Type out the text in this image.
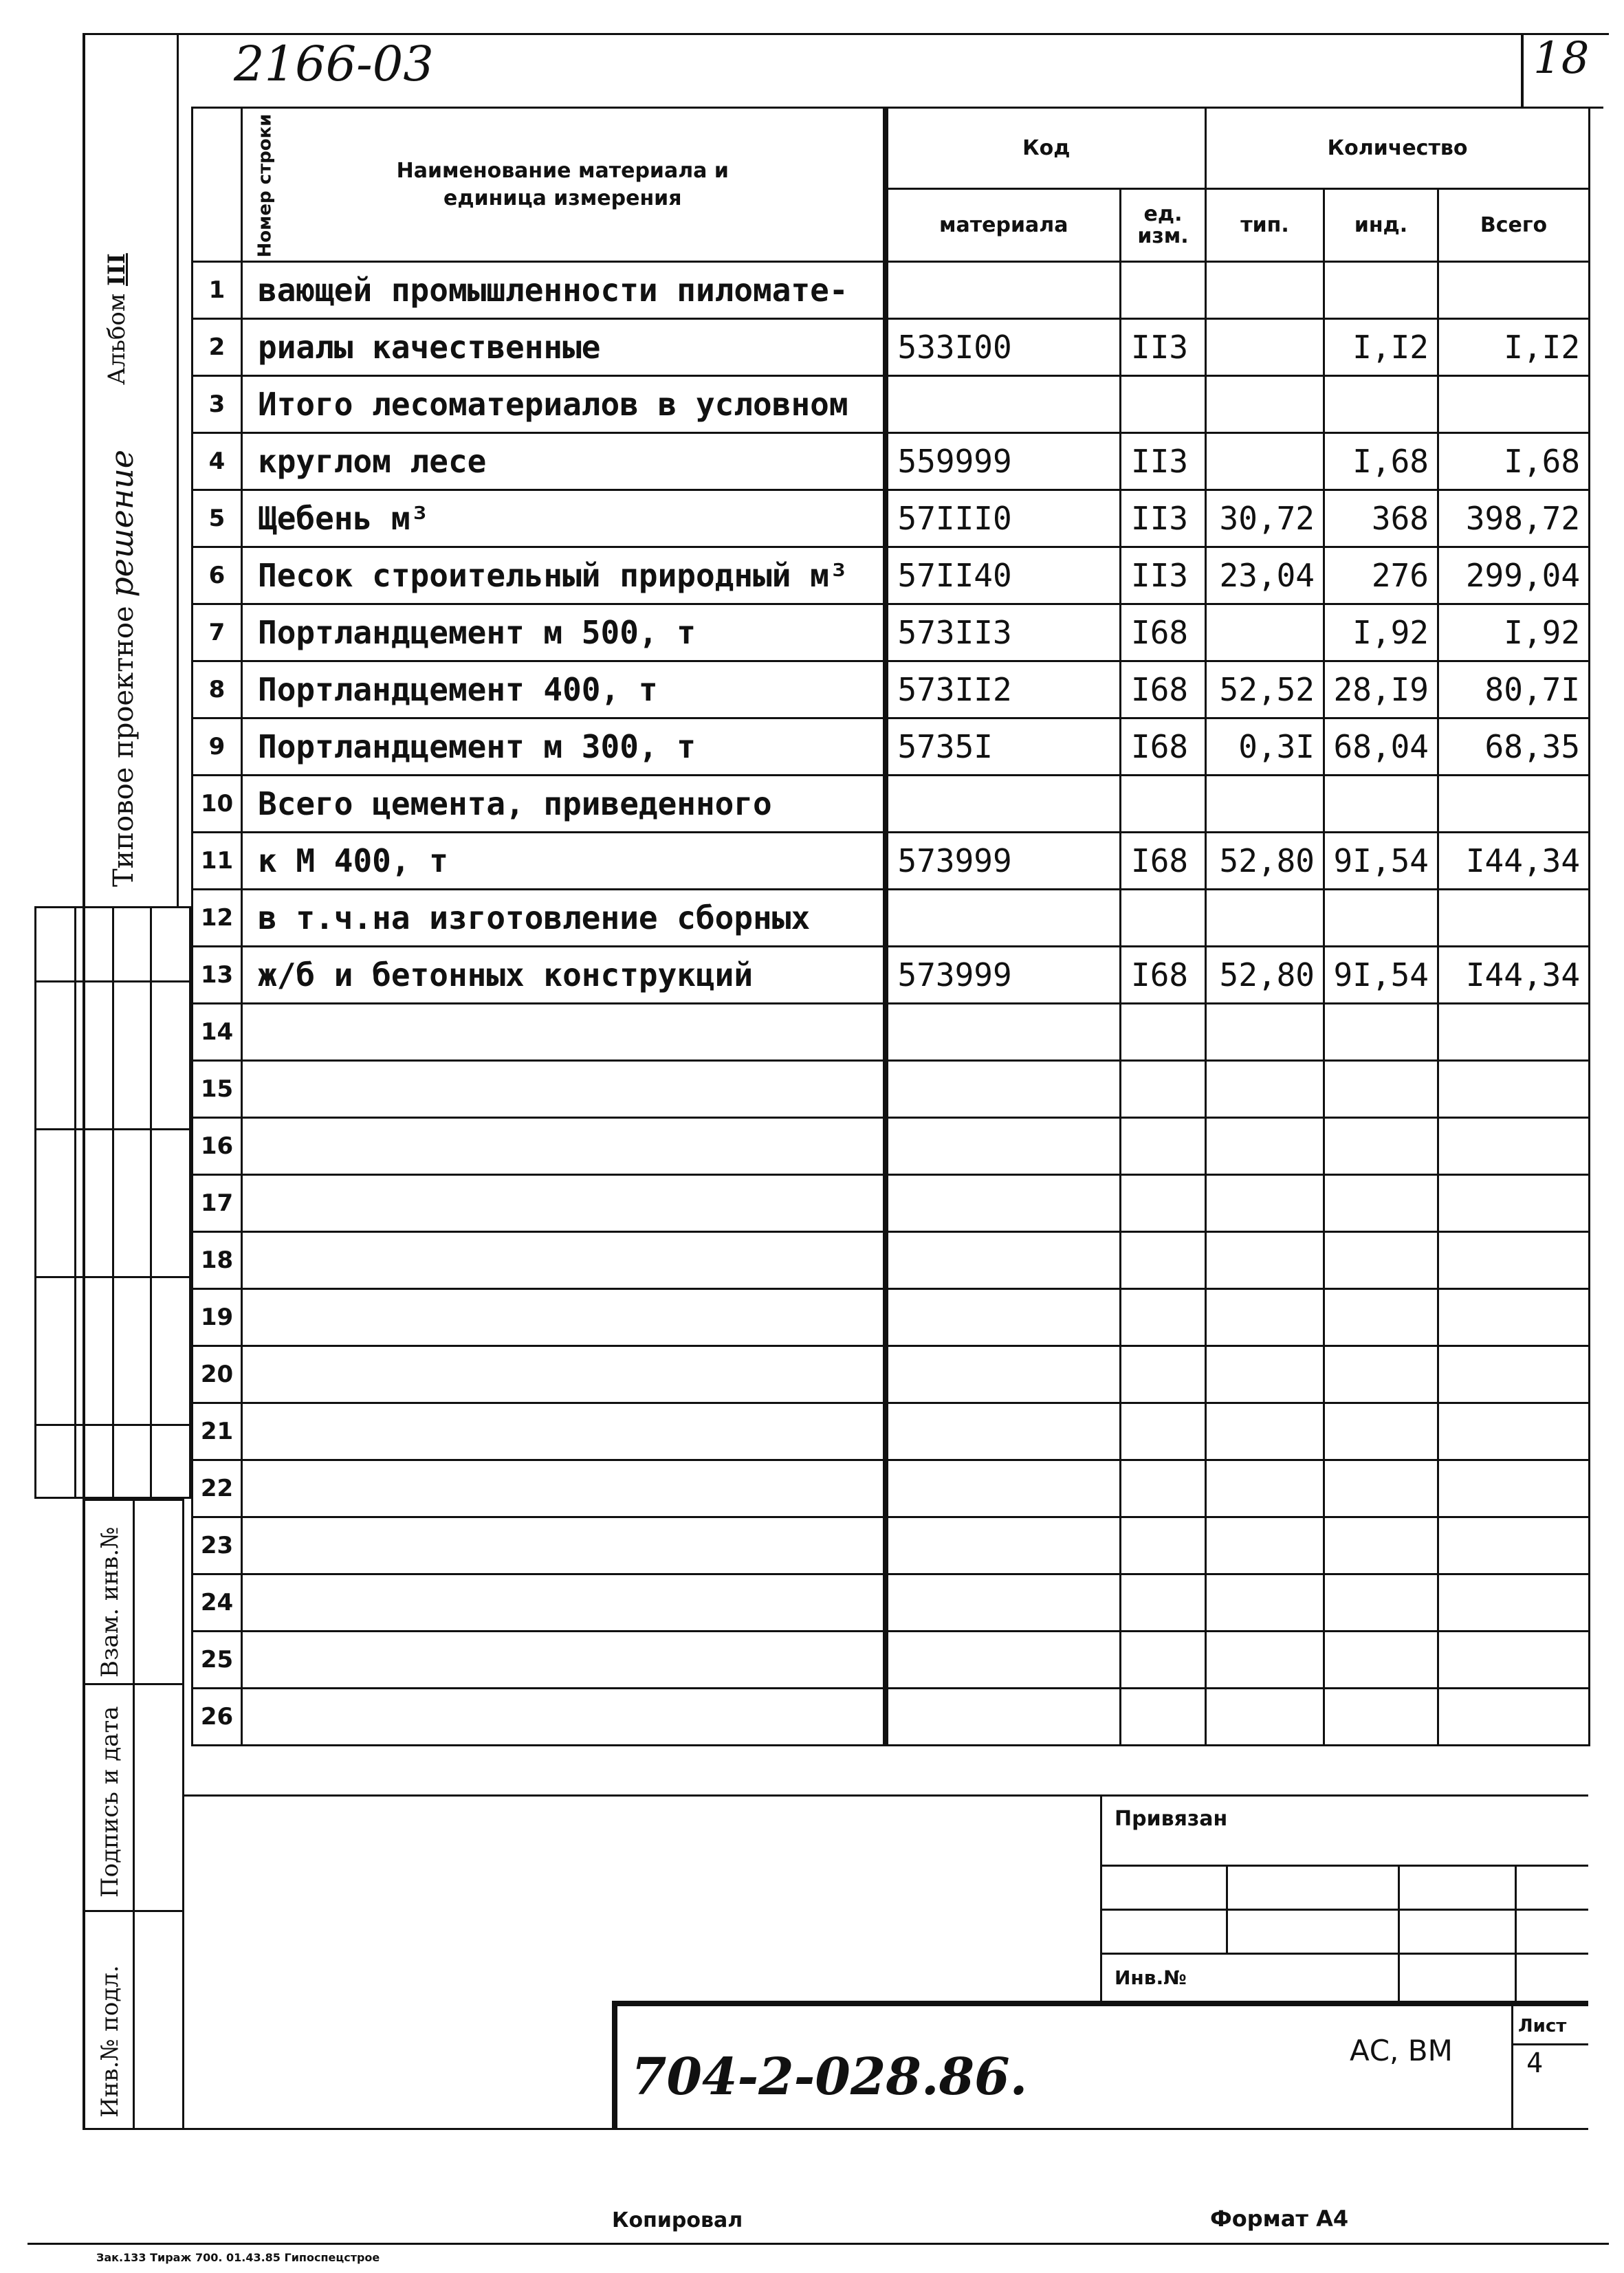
2166-03	18
Альбом III
Типовое проектное решение
Взам. инв.№
Подпись и дата
Инв.№ подл.
Номер строки	Наименование материала и единица измерения	Код		Количество		
		материала	ед. изм.	тип.	инд.	Всего
1	вающей промышленности пиломате-					
2	риалы качественные	533I00	II3		I,I2	I,I2
3	Итого лесоматериалов в условном					
4	круглом лесе	559999	II3		I,68	I,68
5	Щебень м³	57III0	II3	30,72	368	398,72
6	Песок строительный природный м³	57II40	II3	23,04	276	299,04
7	Портландцемент м 500, т	573II3	I68		I,92	I,92
8	Портландцемент 400, т	573II2	I68	52,52	28,I9	80,7I
9	Портландцемент м 300, т	5735I	I68	0,3I	68,04	68,35
10	Всего цемента, приведенного					
11	к М 400, т	573999	I68	52,80	9I,54	I44,34
12	в т.ч.на изготовление сборных					
13	ж/б и бетонных конструкций	573999	I68	52,80	9I,54	I44,34
14						
15						
16						
17						
18						
19						
20						
21						
22						
23						
24						
25						
26						
Привязан
Инв.№
704-2-028.86.	АС, ВМ
Лист
4
Копировал	Формат А4
Зак.133 Тираж 700. 01.43.85 Гипоспецстрое
